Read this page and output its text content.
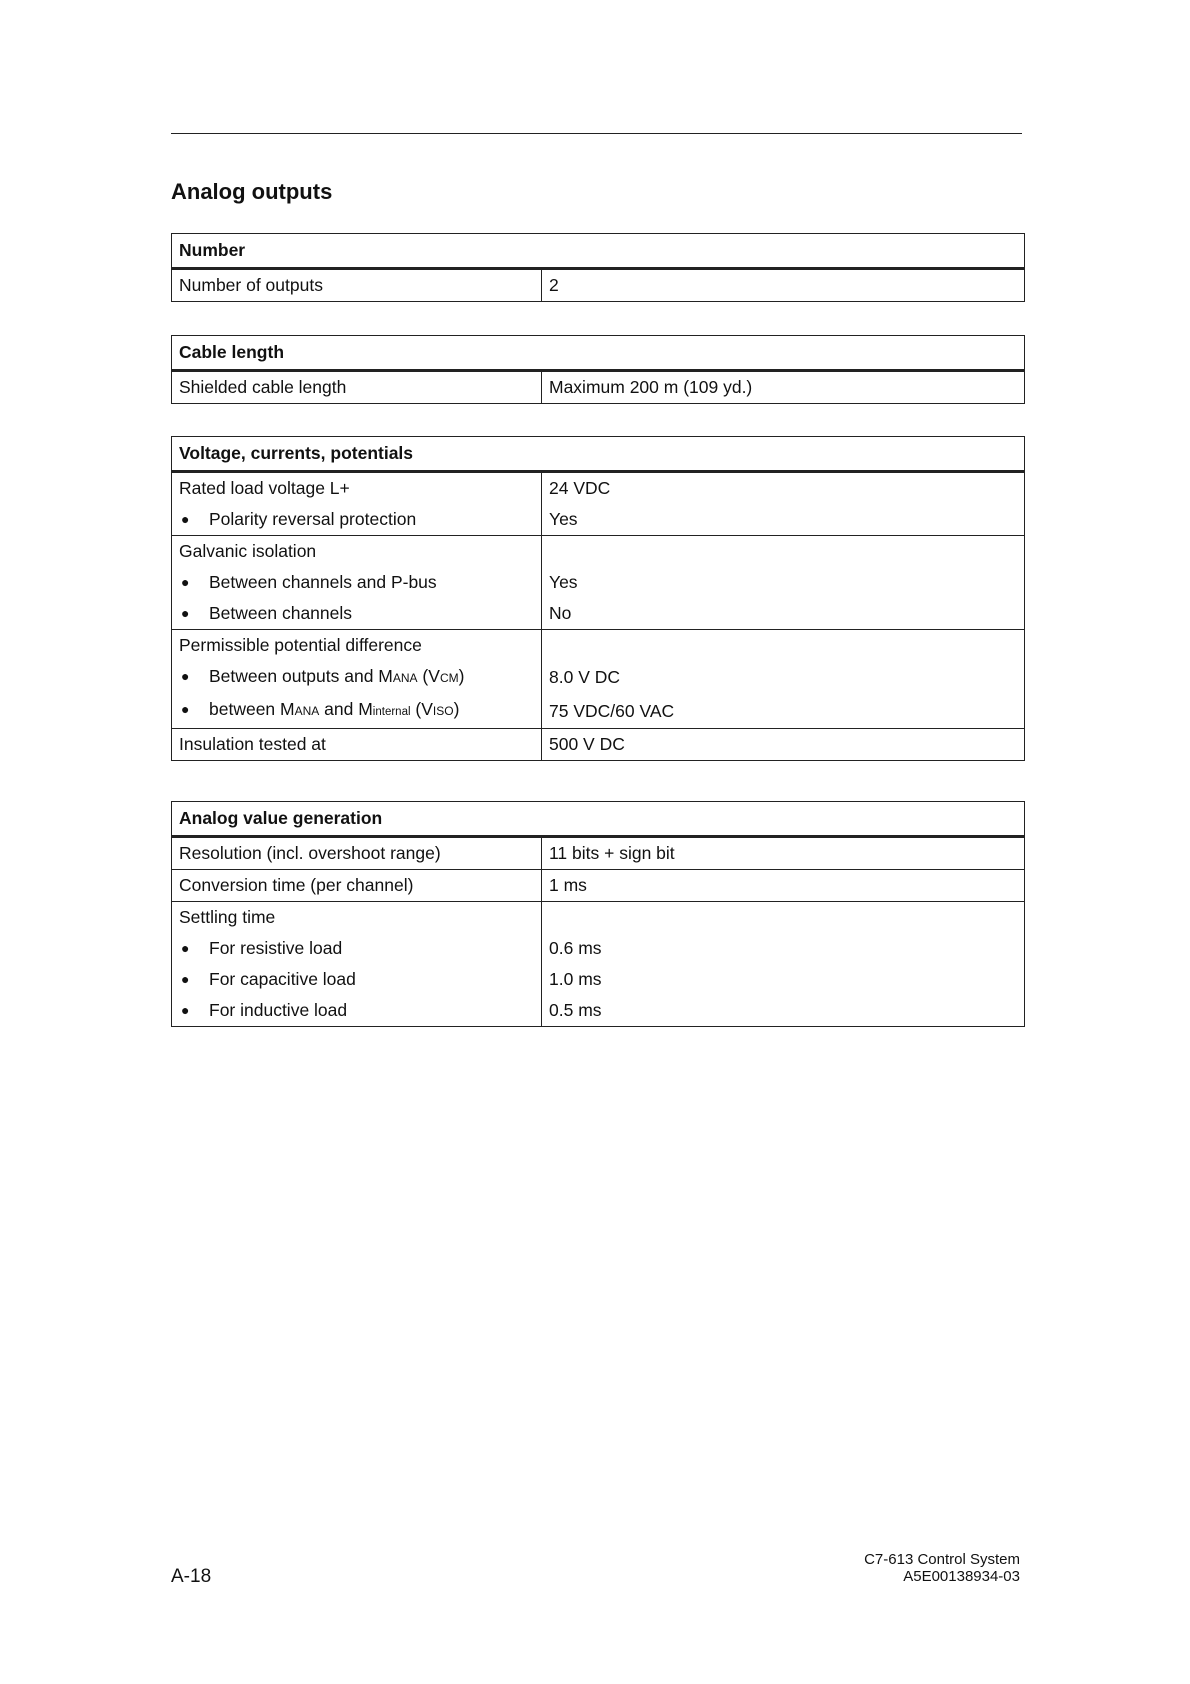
Analog outputs
Number
Number of outputs	2
Cable length
Shielded cable length	Maximum 200 m (109 yd.)
Voltage, currents, potentials	
Rated load voltage L+	24 VDC
● Polarity reversal protection	Yes
Galvanic isolation	
● Between channels and P-bus	Yes
● Between channels	No
Permissible potential difference	
● Between outputs and MANA (VCM)	8.0 V DC
● between MANA and Minternal (VISO)	75 VDC/60 VAC
Insulation tested at	500 V DC
Analog value generation	
Resolution (incl. overshoot range)	11 bits + sign bit
Conversion time (per channel)	1 ms
Settling time	
● For resistive load	0.6 ms
● For capacitive load	1.0 ms
● For inductive load	0.5 ms
A-18
C7-613 Control System
A5E00138934-03
